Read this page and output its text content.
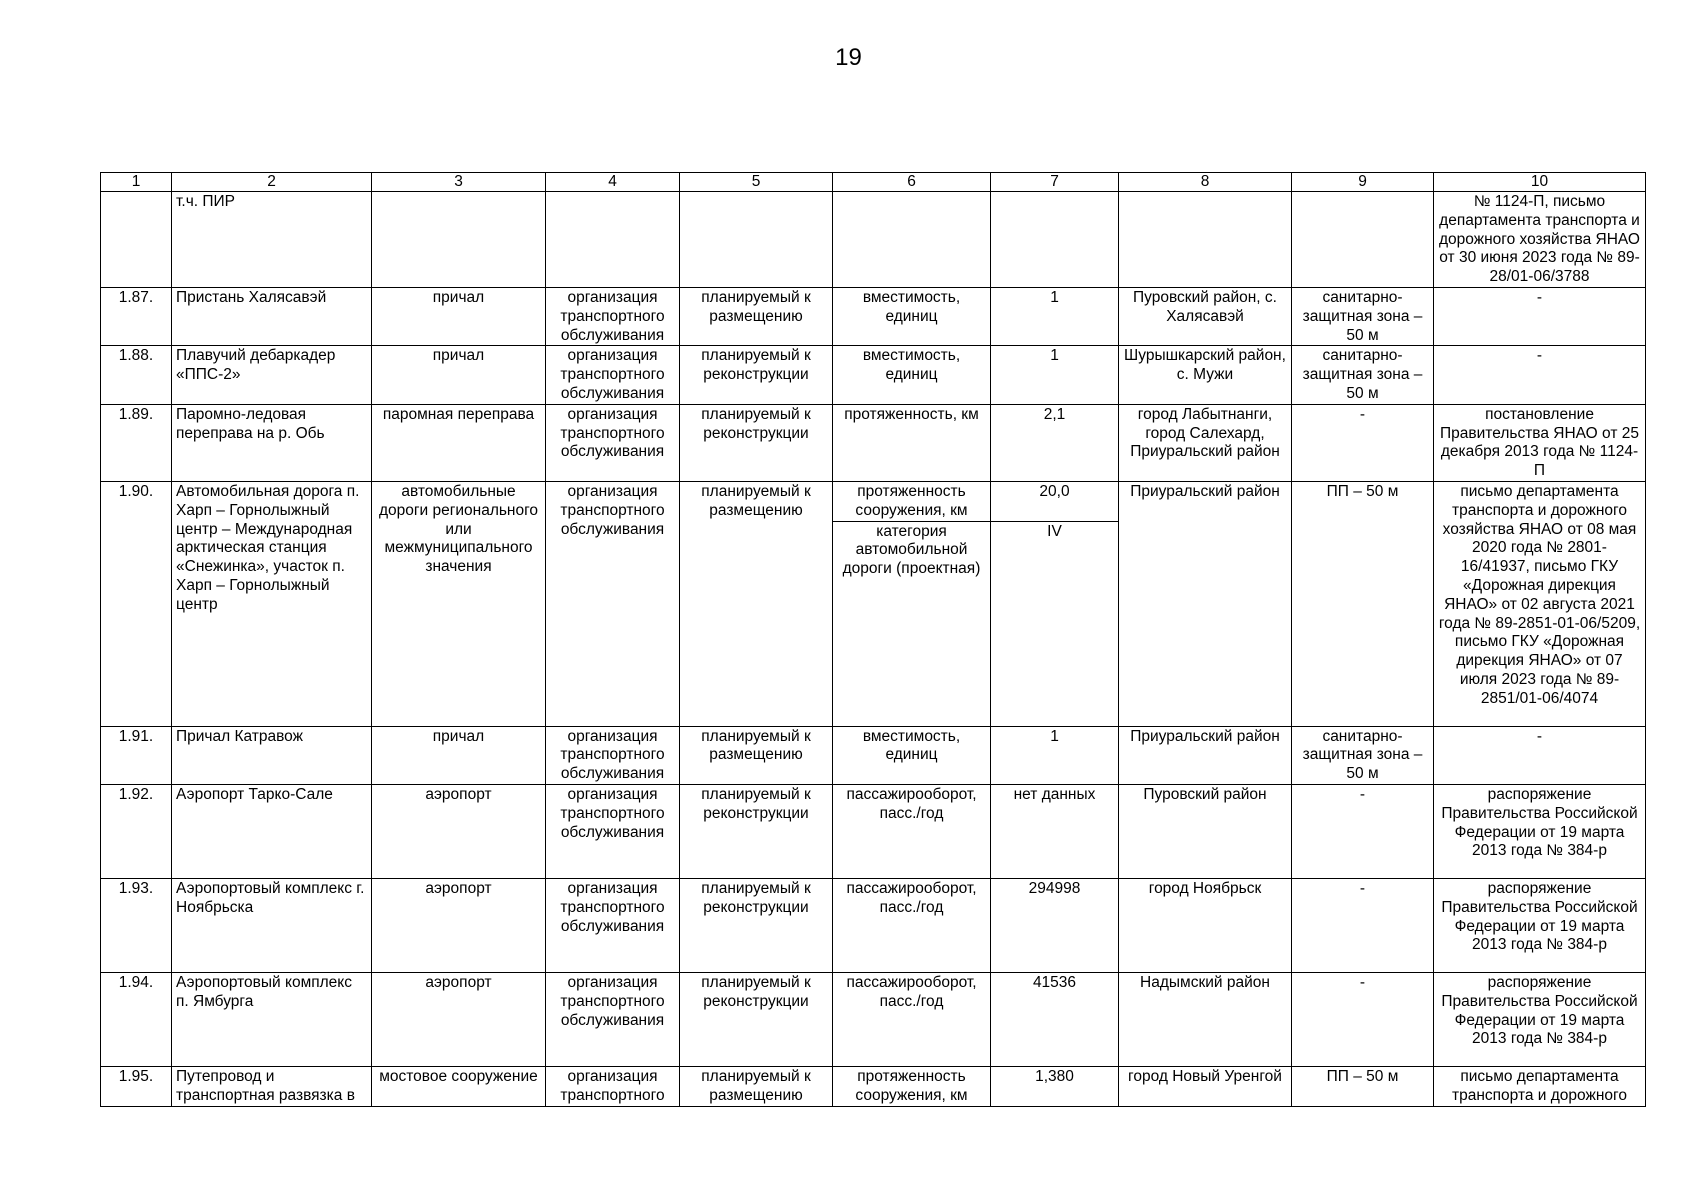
19
1	2	3	4	5	6	7	8	9	10
	т.ч. ПИР								№ 1124-П, письмо департамента транспорта и дорожного хозяйства ЯНАО от 30 июня 2023 года № 89-28/01-06/3788
1.87.	Пристань Халясавэй	причал	организация транспортного обслуживания	планируемый к размещению	вместимость, единиц	1	Пуровский район, с. Халясавэй	санитарно-защитная зона – 50 м	-
1.88.	Плавучий дебаркадер «ППС-2»	причал	организация транспортного обслуживания	планируемый к реконструкции	вместимость, единиц	1	Шурышкарский район, с. Мужи	санитарно-защитная зона – 50 м	-
1.89.	Паромно-ледовая переправа на р. Обь	паромная переправа	организация транспортного обслуживания	планируемый к реконструкции	протяженность, км	2,1	город Лабытнанги, город Салехард, Приуральский район	-	постановление Правительства ЯНАО от 25 декабря 2013 года № 1124-П
1.90.	Автомобильная дорога п. Харп – Горнолыжный центр – Международная арктическая станция «Снежинка», участок п. Харп – Горнолыжный центр	автомобильные дороги регионального или межмуниципального значения	организация транспортного обслуживания	планируемый к размещению	протяженность сооружения, км	20,0	Приуральский район	ПП – 50 м	письмо департамента транспорта и дорожного хозяйства ЯНАО от 08 мая 2020 года № 2801-16/41937, письмо ГКУ «Дорожная дирекция ЯНАО» от 02 августа 2021 года № 89-2851-01-06/5209, письмо ГКУ «Дорожная дирекция ЯНАО» от 07 июля 2023 года № 89-2851/01-06/4074
					категория автомобильной дороги (проектная)	IV			
1.91.	Причал Катравож	причал	организация транспортного обслуживания	планируемый к размещению	вместимость, единиц	1	Приуральский район	санитарно-защитная зона – 50 м	-
1.92.	Аэропорт Тарко-Сале	аэропорт	организация транспортного обслуживания	планируемый к реконструкции	пассажирооборот, пасс./год	нет данных	Пуровский район	-	распоряжение Правительства Российской Федерации от 19 марта 2013 года № 384-р
1.93.	Аэропортовый комплекс г. Ноябрьска	аэропорт	организация транспортного обслуживания	планируемый к реконструкции	пассажирооборот, пасс./год	294998	город Ноябрьск	-	распоряжение Правительства Российской Федерации от 19 марта 2013 года № 384-р
1.94.	Аэропортовый комплекс п. Ямбурга	аэропорт	организация транспортного обслуживания	планируемый к реконструкции	пассажирооборот, пасс./год	41536	Надымский район	-	распоряжение Правительства Российской Федерации от 19 марта 2013 года № 384-р
1.95.	Путепровод и транспортная развязка в	мостовое сооружение	организация транспортного	планируемый к размещению	протяженность сооружения, км	1,380	город Новый Уренгой	ПП – 50 м	письмо департамента транспорта и дорожного
